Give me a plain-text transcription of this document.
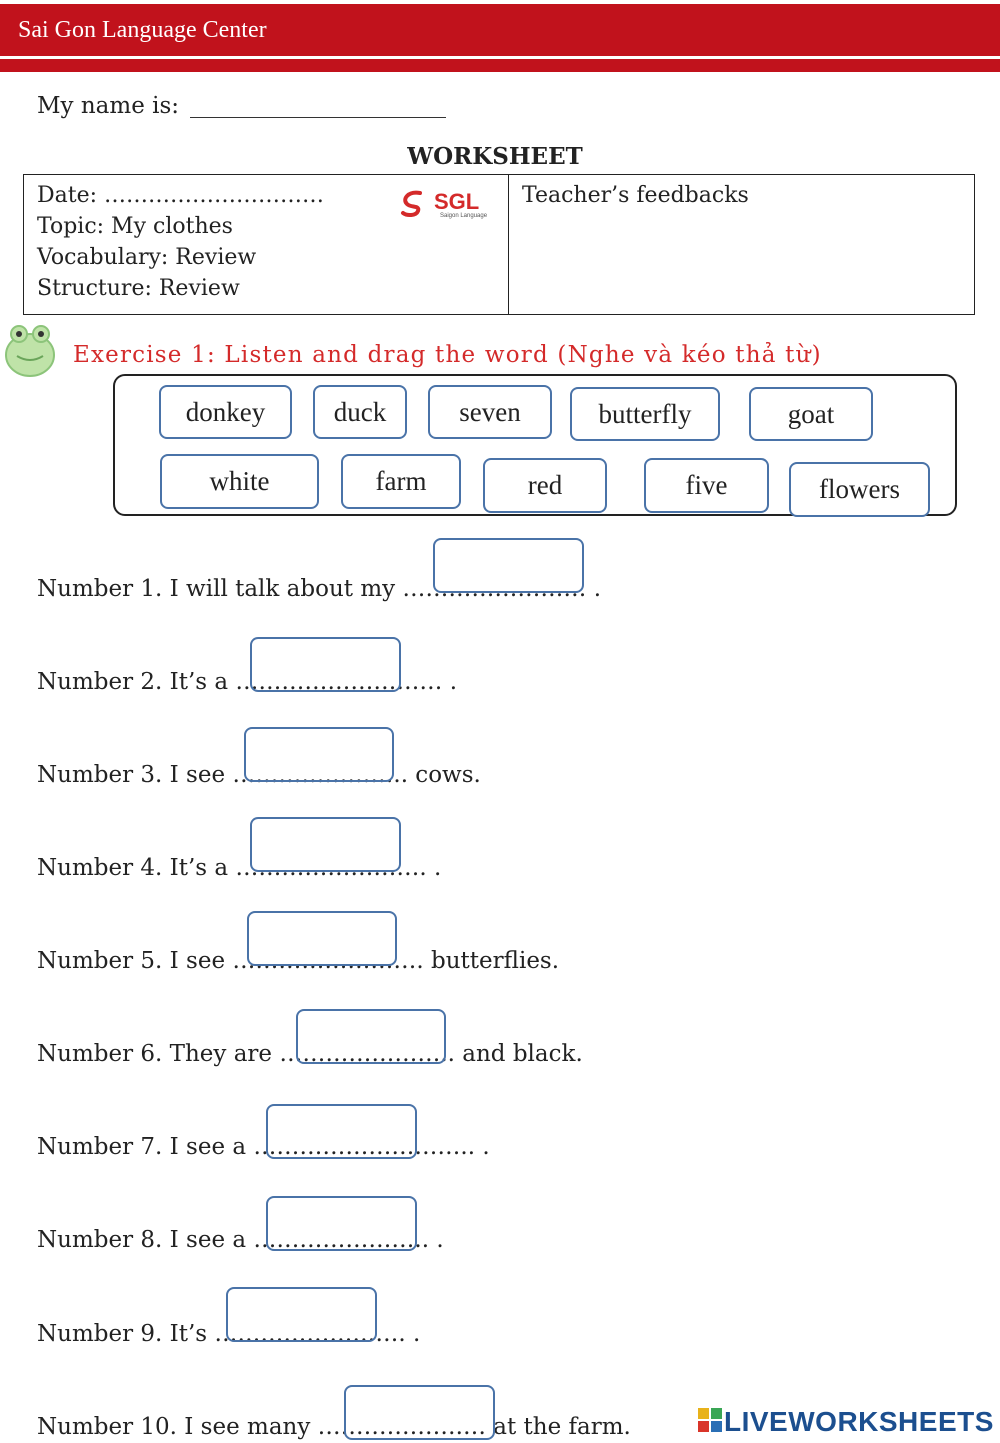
Sai Gon Language Center
My name is:
WORKSHEET
Date: …………………………
Topic: My clothes
Vocabulary: Review
Structure: Review
Teacher’s feedbacks
SGL
Saigon Language
Exercise 1: Listen and drag the word (Nghe và kéo thả từ)
donkey	duck	seven	butterfly	goat
white	farm	red	five	flowers
Number 1. I will talk about my …………………… .
Number 2. It’s a ……………………… .
Number 3. I see ………………….. cows.
Number 4. It’s a ……………………. .
Number 5. I see ……………………. butterflies.
Number 6. They are ………………….. and black.
Number 7. I see a ……………………….. .
Number 8. I see a ………………….. .
Number 9. It’s ……………………. .
Number 10. I see many ……………….… at the farm.	LIVEWORKSHEETS
